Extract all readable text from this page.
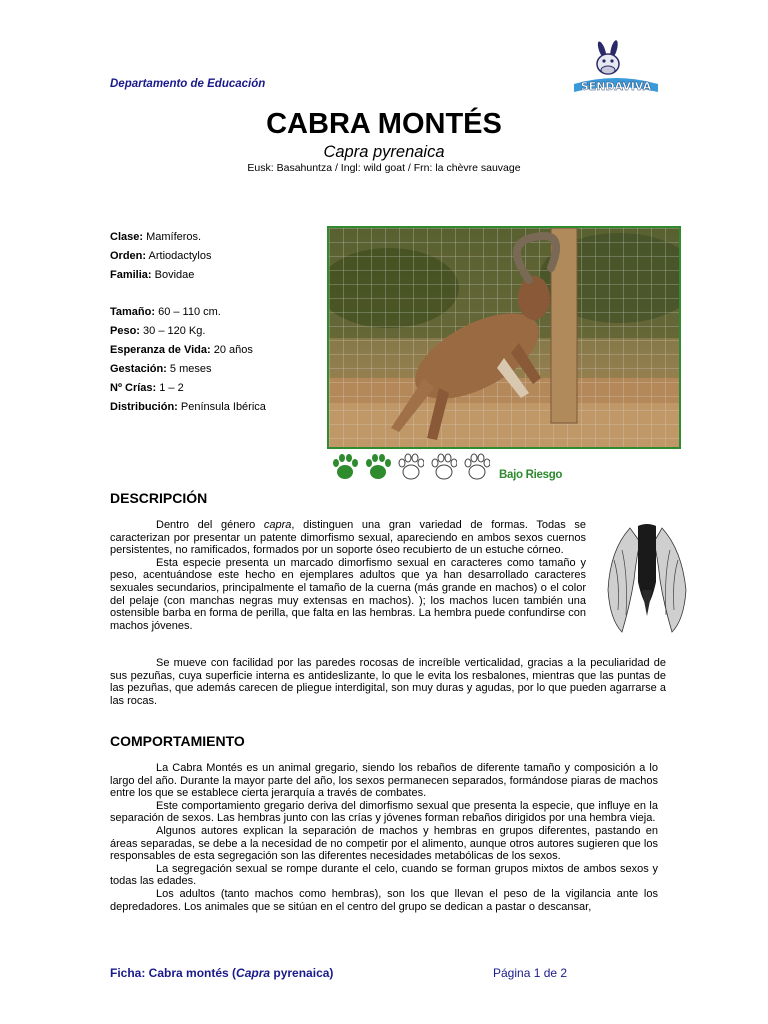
Departamento de Educación	SENDAVIVA
CABRA MONTÉS
Capra pyrenaica
Eusk: Basahuntza / Ingl: wild goat / Frn: la chèvre sauvage
Clase: Mamíferos.
Orden: Artiodactylos
Familia: Bovidae
Tamaño: 60 – 110 cm.
Peso: 30 – 120 Kg.
Esperanza de Vida: 20 años
Gestación: 5 meses
Nº Crías: 1 – 2
Distribución: Península Ibérica
Bajo Riesgo
DESCRIPCIÓN

Dentro del género capra, distinguen una gran variedad de formas. Todas se caracterizan por presentar un patente dimorfismo sexual, apareciendo en ambos sexos cuernos persistentes, no ramificados, formados por un soporte óseo recubierto de un estuche córneo.

Esta especie presenta un marcado dimorfismo sexual en caracteres como tamaño y peso, acentuándose este hecho en ejemplares adultos que ya han desarrollado caracteres sexuales secundarios, principalmente el tamaño de la cuerna (más grande en machos) o el color del pelaje (con manchas negras muy extensas en machos). ); los machos lucen también una ostensible barba en forma de perilla, que falta en las hembras. La hembra puede confundirse con machos jóvenes.

Se mueve con facilidad por las paredes rocosas de increíble verticalidad, gracias a la peculiaridad de sus pezuñas, cuya superficie interna es antideslizante, lo que le evita los resbalones, mientras que las puntas de las pezuñas, que además carecen de pliegue interdigital, son muy duras y agudas, por lo que pueden agarrarse a las rocas.

COMPORTAMIENTO

La Cabra Montés es un animal gregario, siendo los rebaños de diferente tamaño y composición a lo largo del año. Durante la mayor parte del año, los sexos permanecen separados, formándose piaras de machos entre los que se establece cierta jerarquía a través de combates.

Este comportamiento gregario deriva del dimorfismo sexual que presenta la especie, que influye en la separación de sexos. Las hembras junto con las crías y jóvenes forman rebaños dirigidos por una hembra vieja.

Algunos autores explican la separación de machos y hembras en grupos diferentes, pastando en áreas separadas, se debe a la necesidad de no competir por el alimento, aunque otros autores sugieren que los responsables de esta segregación son las diferentes necesidades metabólicas de los sexos.

La segregación sexual se rompe durante el celo, cuando se forman grupos mixtos de ambos sexos y todas las edades.

Los adultos (tanto machos como hembras), son los que llevan el peso de la vigilancia ante los depredadores. Los animales que se sitúan en el centro del grupo se dedican a pastar o descansar,

Ficha: Cabra montés (Capra pyrenaica)	Página 1 de 2
